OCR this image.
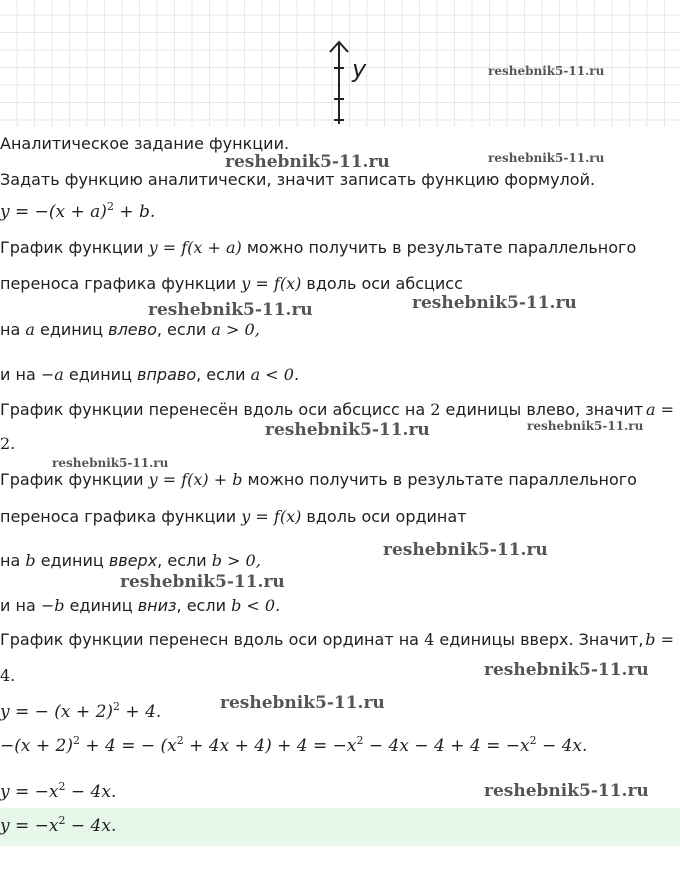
y	reshebnik5-11.ru
reshebnik5-11.ru	reshebnik5-11.ru
reshebnik5-11.ru	reshebnik5-11.ru
reshebnik5-11.ru	reshebnik5-11.ru
reshebnik5-11.ru
reshebnik5-11.ru
reshebnik5-11.ru
reshebnik5-11.ru
reshebnik5-11.ru
reshebnik5-11.ru
Аналитическое задание функции.
Задать функцию аналитически, значит записать функцию формулой.
$y = -(x + a)^2 + b$.
График функции y = f(x + a) можно получить в результате параллельного
переноса графика функции y = f(x) вдоль оси абсцисс
на a единиц влево, если a > 0,
и на −a единиц вправо, если a < 0.
График функции перенесён вдоль оси абсцисс на 2 единицы влево, значит a =
2.
График функции y = f(x) + b можно получить в результате параллельного
переноса графика функции y = f(x) вдоль оси ординат
на b единиц вверх, если b > 0,
и на −b единиц вниз, если b < 0.
График функции перенесн вдоль оси ординат на 4 единицы вверх. Значит, b =
4.
y = − $(x + 2)^2 + 4$.
$-(x + 2)^2 + 4$ = − $(x^2 + 4x + 4) + 4 = -x^2 - 4x - 4 + 4 = -x^2 - 4x$.
$y = -x^2 - 4x$.
$y = -x^2 - 4x$.
